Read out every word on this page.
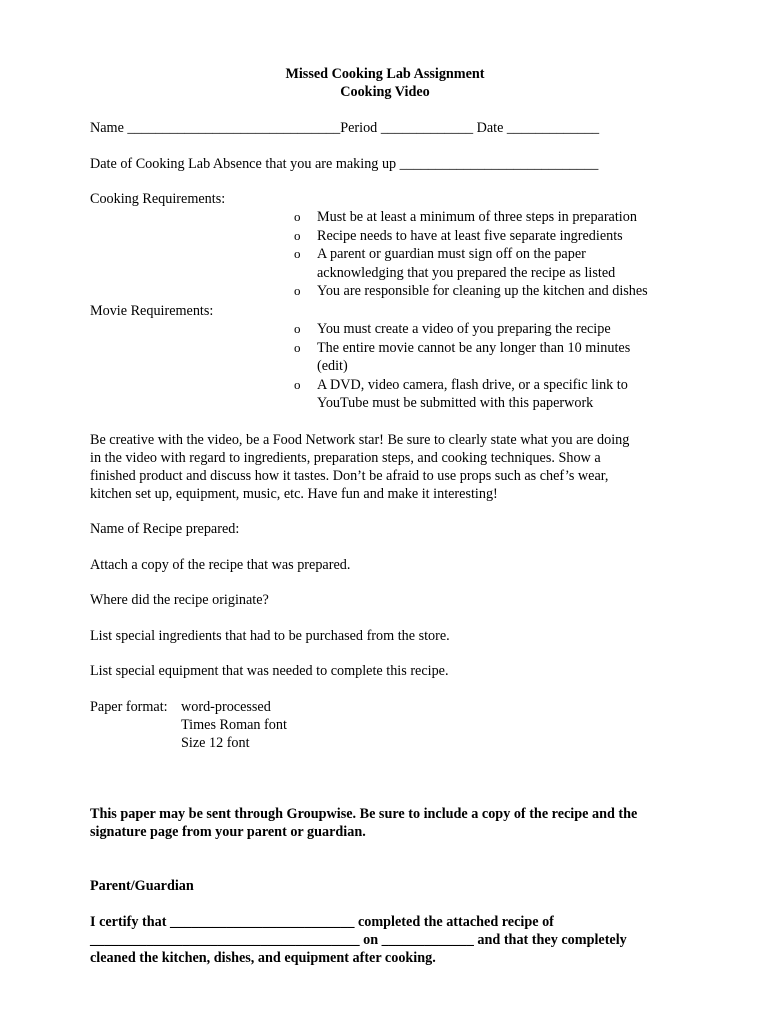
Missed Cooking Lab Assignment
Cooking Video
Name ______________________________Period _____________ Date _____________
Date of Cooking Lab Absence that you are making up ____________________________
Cooking Requirements:
o Must be at least a minimum of three steps in preparation
o Recipe needs to have at least five separate ingredients
o A parent or guardian must sign off on the paper
acknowledging that you prepared the recipe as listed
o You are responsible for cleaning up the kitchen and dishes
Movie Requirements:
o You must create a video of you preparing the recipe
o The entire movie cannot be any longer than 10 minutes
(edit)
o A DVD, video camera, flash drive, or a specific link to
YouTube must be submitted with this paperwork
Be creative with the video, be a Food Network star! Be sure to clearly state what you are doing
in the video with regard to ingredients, preparation steps, and cooking techniques. Show a
finished product and discuss how it tastes. Don’t be afraid to use props such as chef’s wear,
kitchen set up, equipment, music, etc. Have fun and make it interesting!
Name of Recipe prepared:
Attach a copy of the recipe that was prepared.
Where did the recipe originate?
List special ingredients that had to be purchased from the store.
List special equipment that was needed to complete this recipe.
Paper format: word-processed
Times Roman font
Size 12 font
This paper may be sent through Groupwise. Be sure to include a copy of the recipe and the
signature page from your parent or guardian.
Parent/Guardian
I certify that __________________________ completed the attached recipe of
______________________________________ on _____________ and that they completely
cleaned the kitchen, dishes, and equipment after cooking.
